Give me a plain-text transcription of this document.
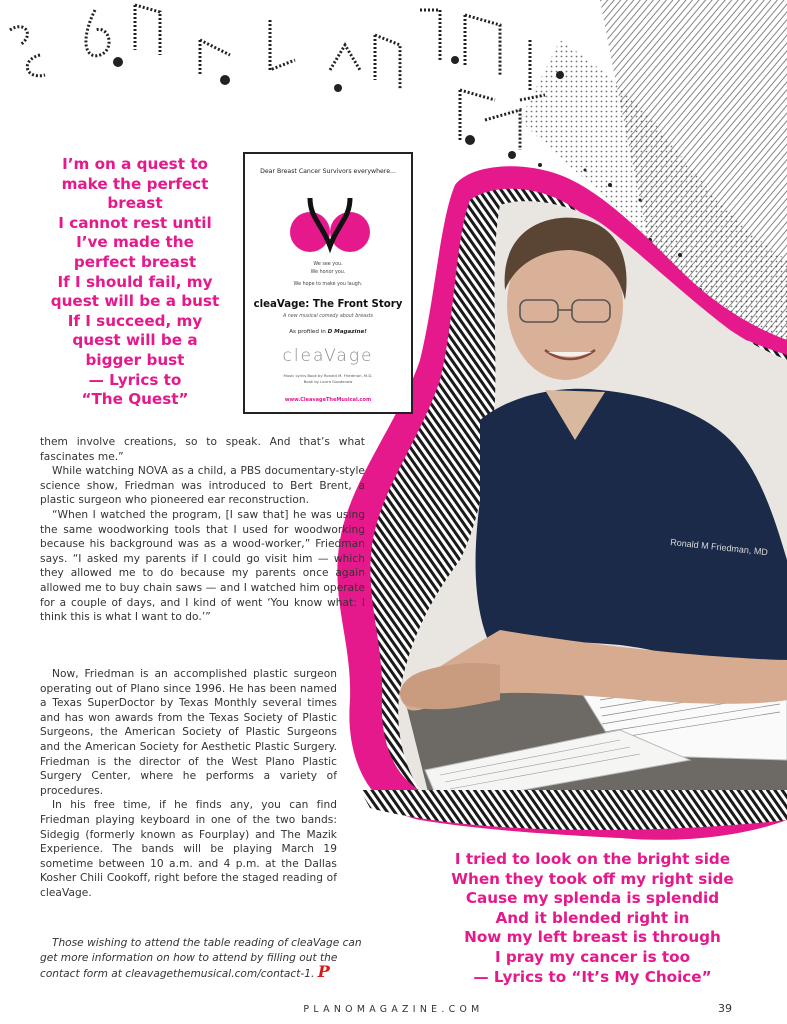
Ronald M Friedman, MD
I’m on a quest to
make the perfect
breast
I cannot rest until
I’ve made the
perfect breast
If I should fail, my
quest will be a bust
If I succeed, my
quest will be a
bigger bust
— Lyrics to
“The Quest”
Dear Breast Cancer Survivors everywhere...
We see you.
We honor you.
We hope to make you laugh.
cleaVage: The Front Story
A new musical comedy about breasts
As profiled in D Magazine!
cleaVage
Music Lyrics Book by Ronald M. Friedman, M.D.
Book by Laura Goodenow
www.CleavageTheMusical.com

them involve creations, so to speak. And that’s what fascinates me.”

While watching NOVA as a child, a PBS documentary-style science show, Friedman was introduced to Bert Brent, a plastic surgeon who pioneered ear reconstruction.

“When I watched the program, [I saw that] he was using the same woodworking tools that I used for woodworking because his background was as a wood-worker,” Friedman says. “I asked my parents if I could go visit him — which they allowed me to do because my parents once again allowed me to buy chain saws — and I watched him operate for a couple of days, and I kind of went ‘You know what: I think this is what I want to do.’”

Now, Friedman is an accomplished plastic surgeon operating out of Plano since 1996. He has been named a Texas SuperDoctor by Texas Monthly several times and has won awards from the Texas Society of Plastic Surgeons, the American Society of Plastic Surgeons and the American Society for Aesthetic Plastic Surgery. Friedman is the director of the West Plano Plastic Surgery Center, where he performs a variety of procedures.

In his free time, if he finds any, you can find Friedman playing keyboard in one of the two bands: Sidegig (formerly known as Fourplay) and The Mazik Experience. The bands will be playing March 19 sometime between 10 a.m. and 4 p.m. at the Dallas Kosher Chili Cookoff, right before the staged reading of cleaVage.

Those wishing to attend the table reading of cleaVage can get more information on how to attend by filling out the contact form at cleavagethemusical.com/contact-1. P

I tried to look on the bright side
When they took off my right side
Cause my splenda is splendid
And it blended right in
Now my left breast is through
I pray my cancer is too
— Lyrics to “It’s My Choice”
PLANOMAGAZINE.COM	39
